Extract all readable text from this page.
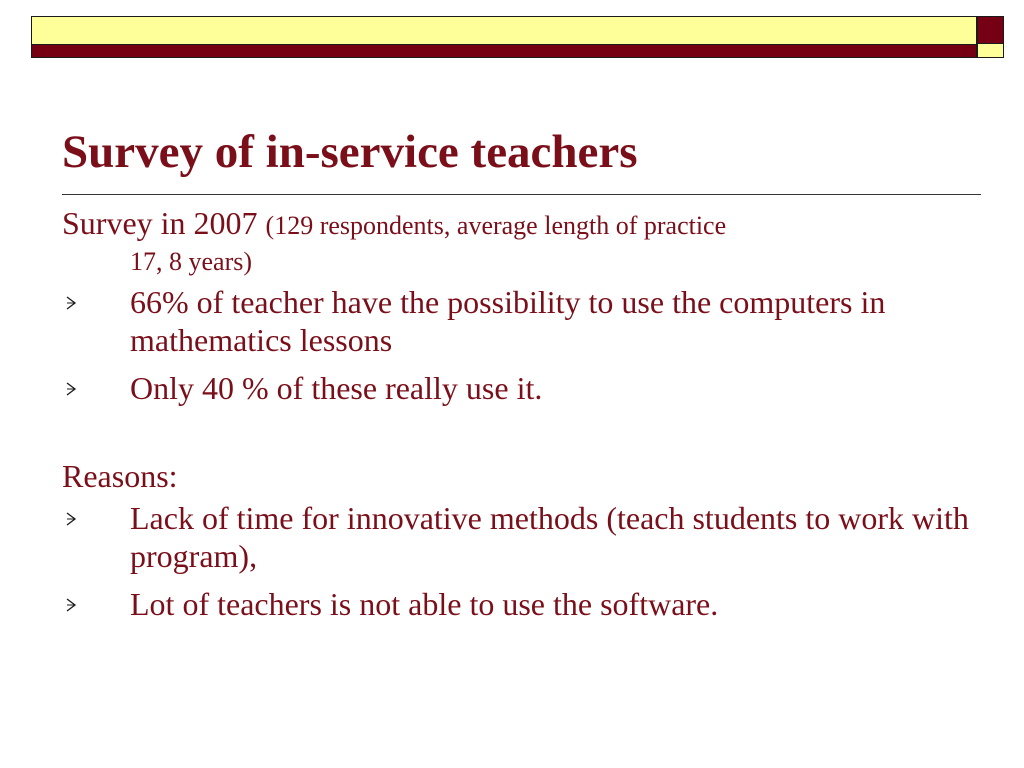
Survey of in-service teachers

Survey in 2007 (129 respondents, average length of practice
17, 8 years)

66% of teacher have the possibility to use the computers in mathematics lessons
Only 40 % of these really use it.

Reasons:

Lack of time for innovative methods (teach students to work with program),
Lot of teachers is not able to use the software.
